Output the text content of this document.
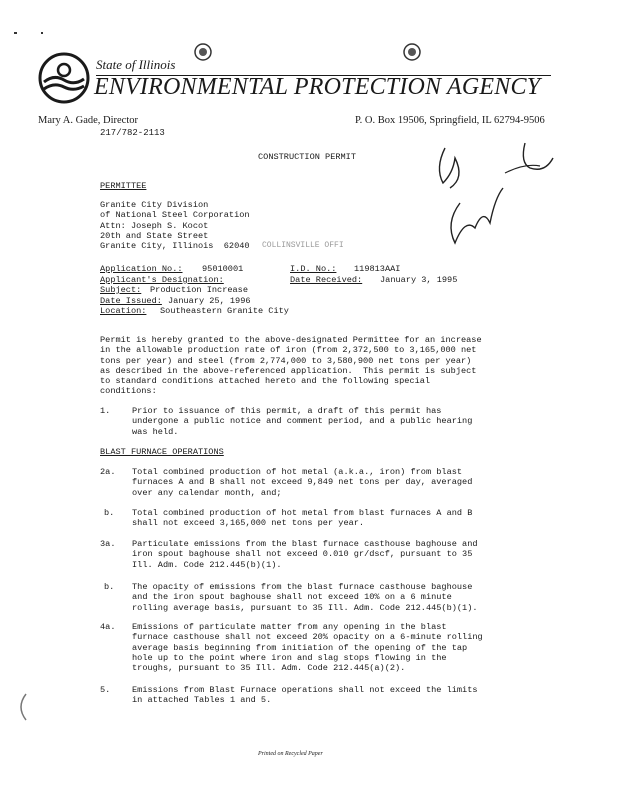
State of Illinois
ENVIRONMENTAL PROTECTION AGENCY
Mary A. Gade, Director	P. O. Box 19506, Springfield, IL 62794-9506
217/782-2113
CONSTRUCTION PERMIT
PERMITTEE
Granite City Division
of National Steel Corporation
Attn: Joseph S. Kocot
20th and State Street
Granite City, Illinois  62040 COLLINSVILLE OFFI
Application No.: 95010001	I.D. No.: 119813AAI
Applicant's Designation:	Date Received: January 3, 1995
Subject: Production Increase
Date Issued: January 25, 1996
Location: Southeastern Granite City
Permit is hereby granted to the above-designated Permittee for an increase
in the allowable production rate of iron (from 2,372,500 to 3,165,000 net
tons per year) and steel (from 2,774,000 to 3,580,900 net tons per year)
as described in the above-referenced application.  This permit is subject
to standard conditions attached hereto and the following special
conditions:
1.	Prior to issuance of this permit, a draft of this permit has
undergone a public notice and comment period, and a public hearing
was held.
BLAST FURNACE OPERATIONS
2a. Total combined production of hot metal (a.k.a., iron) from blast
furnaces A and B shall not exceed 9,849 net tons per day, averaged
over any calendar month, and;
b. Total combined production of hot metal from blast furnaces A and B
shall not exceed 3,165,000 net tons per year.
3a. Particulate emissions from the blast furnace casthouse baghouse and
iron spout baghouse shall not exceed 0.010 gr/dscf, pursuant to 35
Ill. Adm. Code 212.445(b)(1).
b. The opacity of emissions from the blast furnace casthouse baghouse
and the iron spout baghouse shall not exceed 10% on a 6 minute
rolling average basis, pursuant to 35 Ill. Adm. Code 212.445(b)(1).
4a. Emissions of particulate matter from any opening in the blast
furnace casthouse shall not exceed 20% opacity on a 6-minute rolling
average basis beginning from initiation of the opening of the tap
hole up to the point where iron and slag stops flowing in the
troughs, pursuant to 35 Ill. Adm. Code 212.445(a)(2).
5.	Emissions from Blast Furnace operations shall not exceed the limits
in attached Tables 1 and 5.
Printed on Recycled Paper
